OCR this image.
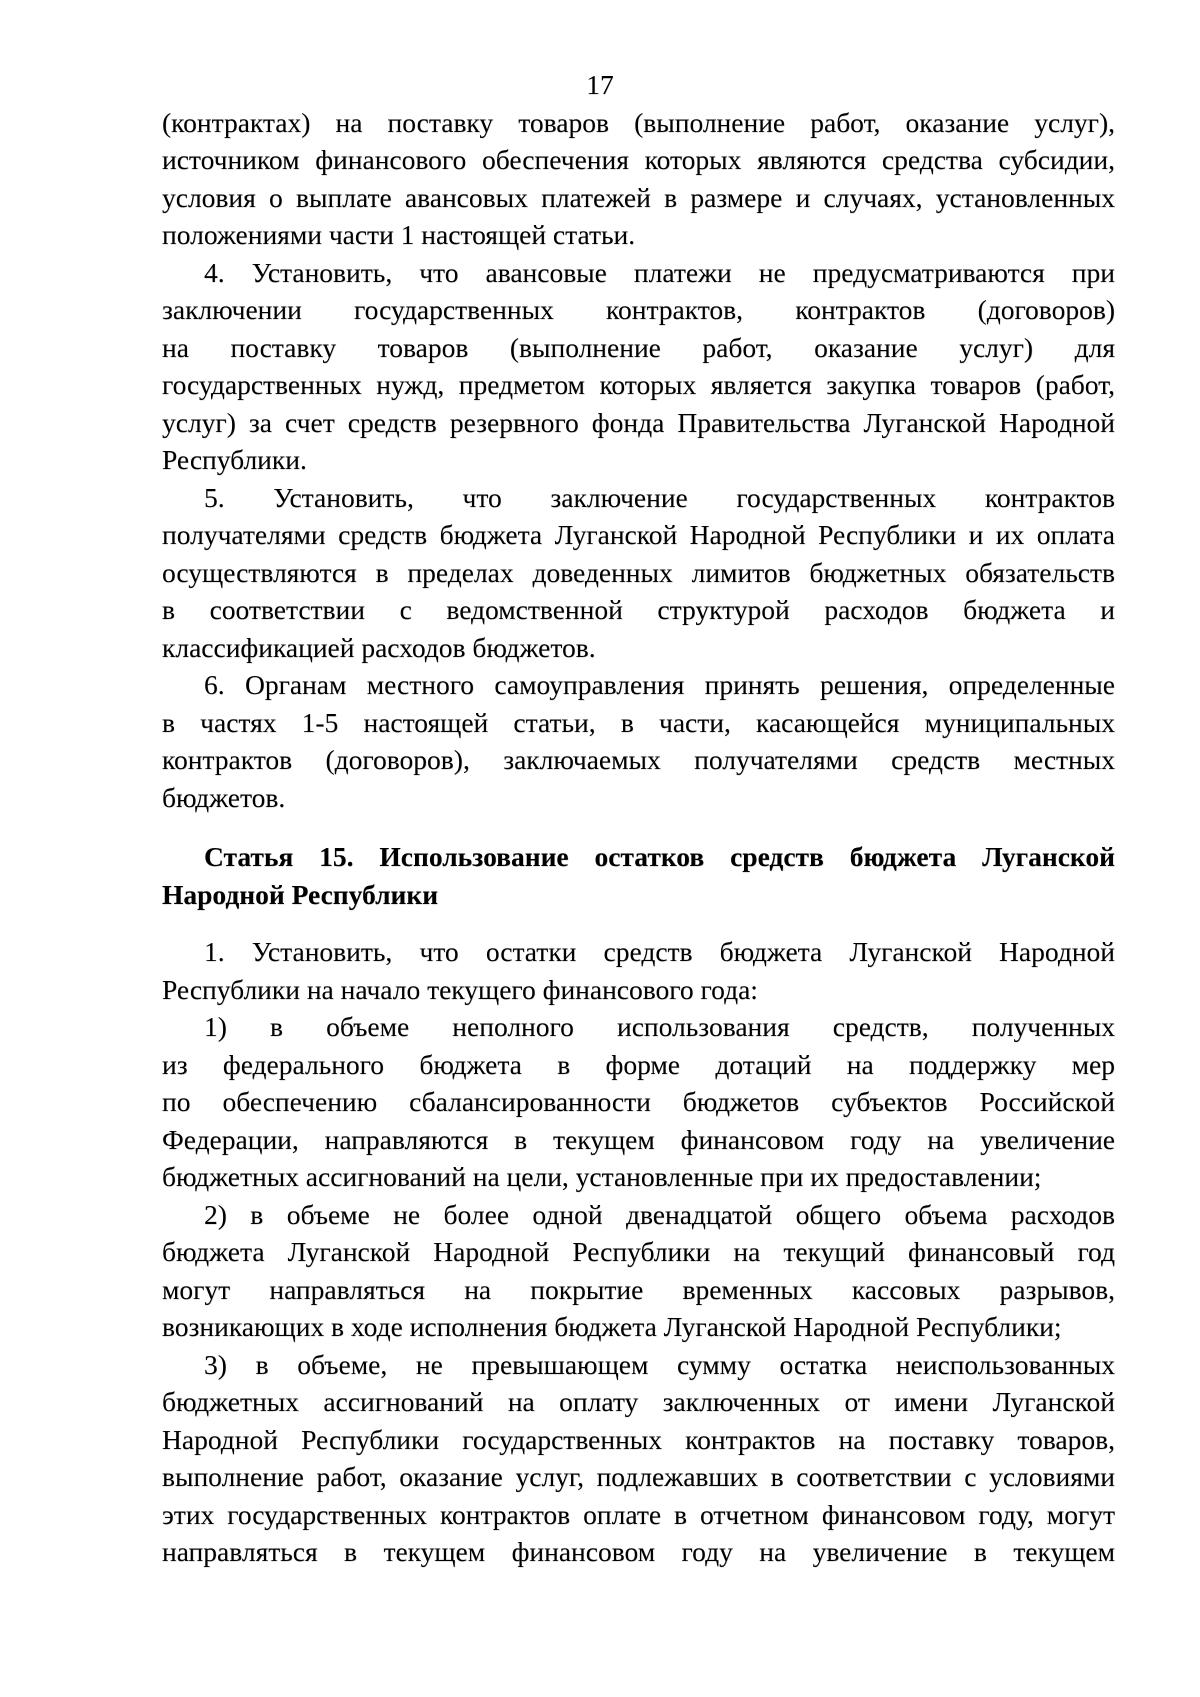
17
(контрактах) на поставку товаров (выполнение работ, оказание услуг),
источником финансового обеспечения которых являются средства субсидии,
условия о выплате авансовых платежей в размере и случаях, установленных
положениями части 1 настоящей статьи.
4. Установить, что авансовые платежи не предусматриваются при
заключении государственных контрактов, контрактов (договоров)
на поставку товаров (выполнение работ, оказание услуг) для
государственных нужд, предметом которых является закупка товаров (работ,
услуг) за счет средств резервного фонда Правительства Луганской Народной
Республики.
5. Установить, что заключение государственных контрактов
получателями средств бюджета Луганской Народной Республики и их оплата
осуществляются в пределах доведенных лимитов бюджетных обязательств
в соответствии с ведомственной структурой расходов бюджета и
классификацией расходов бюджетов.
6. Органам местного самоуправления принять решения, определенные
в частях 1-5 настоящей статьи, в части, касающейся муниципальных
контрактов (договоров), заключаемых получателями средств местных
бюджетов.
Статья 15. Использование остатков средств бюджета Луганской
Народной Республики
1. Установить, что остатки средств бюджета Луганской Народной
Республики на начало текущего финансового года:
1) в объеме неполного использования средств, полученных
из федерального бюджета в форме дотаций на поддержку мер
по обеспечению сбалансированности бюджетов субъектов Российской
Федерации, направляются в текущем финансовом году на увеличение
бюджетных ассигнований на цели, установленные при их предоставлении;
2) в объеме не более одной двенадцатой общего объема расходов
бюджета Луганской Народной Республики на текущий финансовый год
могут направляться на покрытие временных кассовых разрывов,
возникающих в ходе исполнения бюджета Луганской Народной Республики;
3) в объеме, не превышающем сумму остатка неиспользованных
бюджетных ассигнований на оплату заключенных от имени Луганской
Народной Республики государственных контрактов на поставку товаров,
выполнение работ, оказание услуг, подлежавших в соответствии с условиями
этих государственных контрактов оплате в отчетном финансовом году, могут
направляться в текущем финансовом году на увеличение в текущем
